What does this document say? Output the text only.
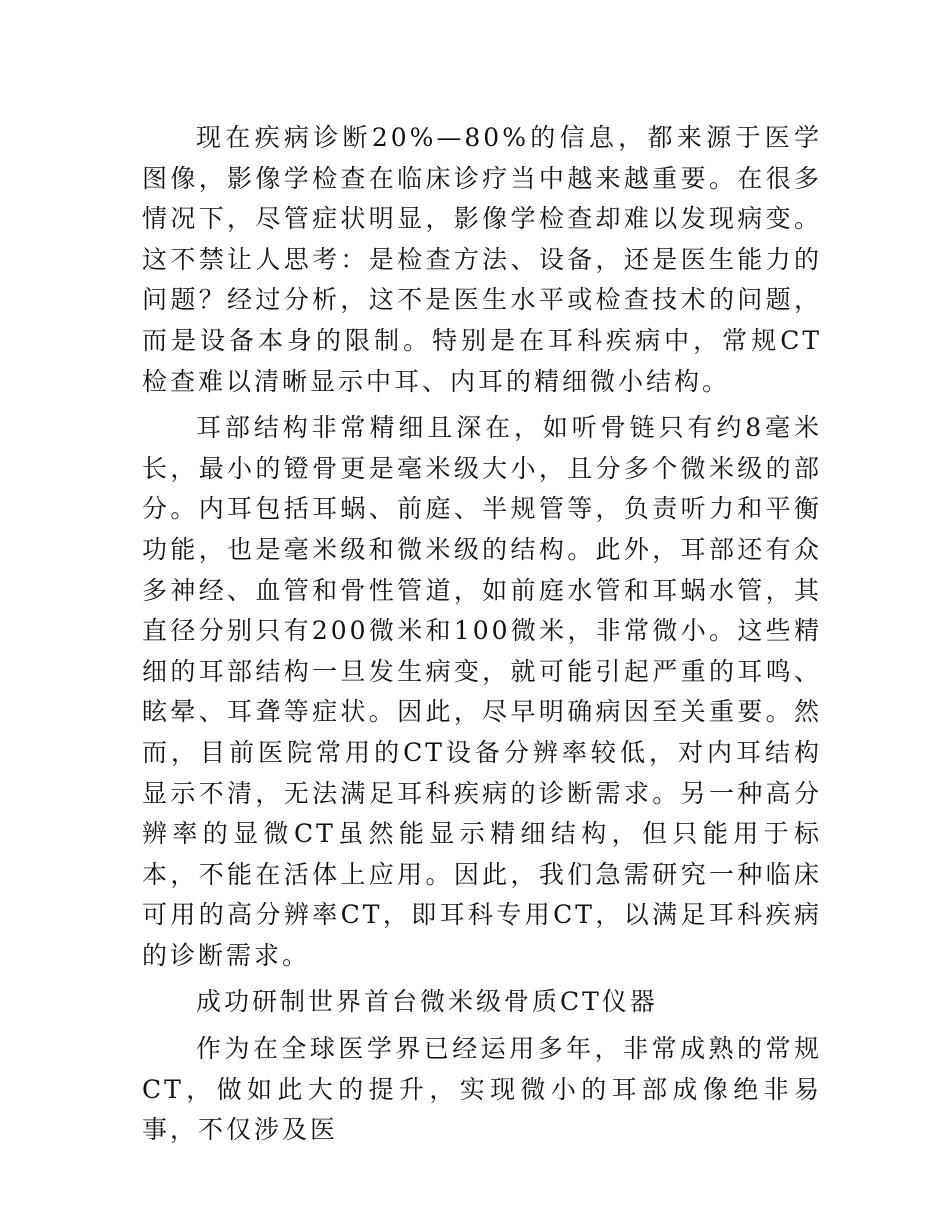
现在疾病诊断20%—80%的信息，都来源于医学图像，影像学检查在临床诊疗当中越来越重要。在很多情况下，尽管症状明显，影像学检查却难以发现病变。这不禁让人思考：是检查方法、设备，还是医生能力的问题？经过分析，这不是医生水平或检查技术的问题，而是设备本身的限制。特别是在耳科疾病中，常规CT检查难以清晰显示中耳、内耳的精细微小结构。

耳部结构非常精细且深在，如听骨链只有约8毫米长，最小的镫骨更是毫米级大小，且分多个微米级的部分。内耳包括耳蜗、前庭、半规管等，负责听力和平衡功能，也是毫米级和微米级的结构。此外，耳部还有众多神经、血管和骨性管道，如前庭水管和耳蜗水管，其直径分别只有200微米和100微米，非常微小。这些精细的耳部结构一旦发生病变，就可能引起严重的耳鸣、眩晕、耳聋等症状。因此，尽早明确病因至关重要。然而，目前医院常用的CT设备分辨率较低，对内耳结构显示不清，无法满足耳科疾病的诊断需求。另一种高分辨率的显微CT虽然能显示精细结构，但只能用于标本，不能在活体上应用。因此，我们急需研究一种临床可用的高分辨率CT，即耳科专用CT，以满足耳科疾病的诊断需求。

成功研制世界首台微米级骨质CT仪器

作为在全球医学界已经运用多年，非常成熟的常规CT，做如此大的提升，实现微小的耳部成像绝非易事，不仅涉及医
